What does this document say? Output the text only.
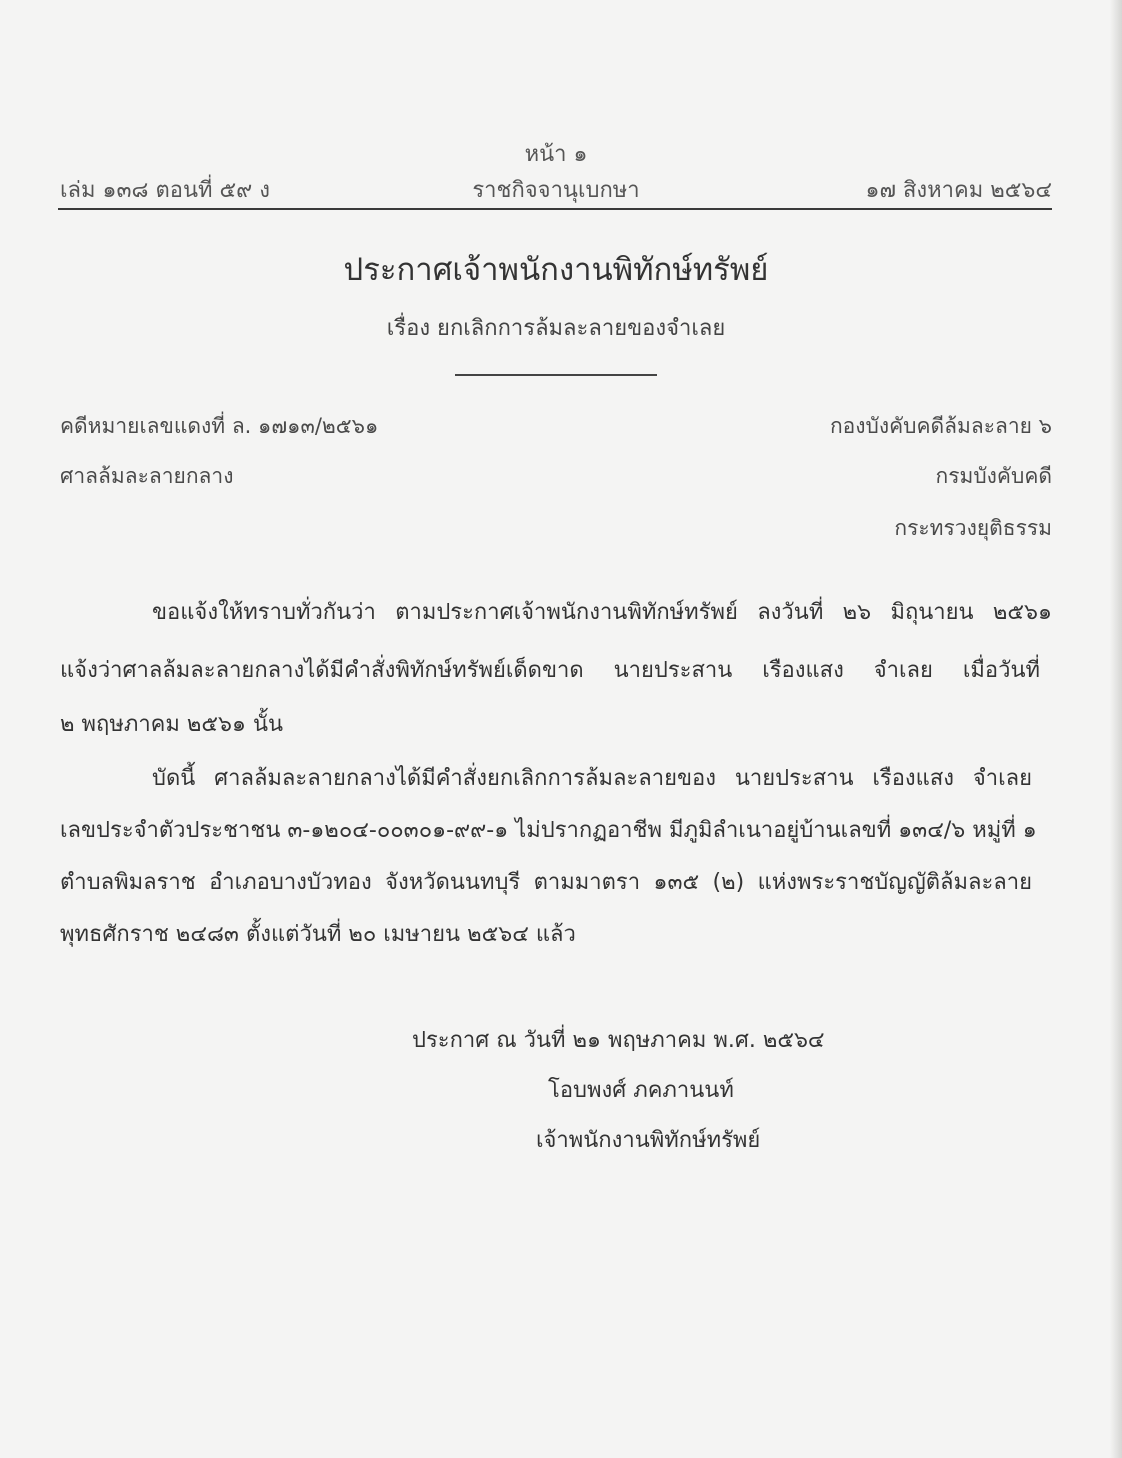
หน้า ๑
เล่ม ๑๓๘ ตอนที่ ๕๙ ง	ราชกิจจานุเบกษา	๑๗ สิงหาคม ๒๕๖๔
ประกาศเจ้าพนักงานพิทักษ์ทรัพย์
เรื่อง ยกเลิกการล้มละลายของจำเลย
คดีหมายเลขแดงที่ ล. ๑๗๑๓/๒๕๖๑
ศาลล้มละลายกลาง
กองบังคับคดีล้มละลาย ๖
กรมบังคับคดี
กระทรวงยุติธรรม
ขอแจ้งให้ทราบทั่วกันว่า ตามประกาศเจ้าพนักงานพิทักษ์ทรัพย์ ลงวันที่ ๒๖ มิถุนายน ๒๕๖๑
แจ้งว่าศาลล้มละลายกลางได้มีคำสั่งพิทักษ์ทรัพย์เด็ดขาด นายประสาน เรืองแสง จำเลย เมื่อวันที่
๒ พฤษภาคม ๒๕๖๑ นั้น
บัดนี้ ศาลล้มละลายกลางได้มีคำสั่งยกเลิกการล้มละลายของ นายประสาน เรืองแสง จำเลย
เลขประจำตัวประชาชน ๓-๑๒๐๔-๐๐๓๐๑-๙๙-๑ ไม่ปรากฏอาชีพ มีภูมิลำเนาอยู่บ้านเลขที่ ๑๓๔/๖ หมู่ที่ ๑
ตำบลพิมลราช อำเภอบางบัวทอง จังหวัดนนทบุรี ตามมาตรา ๑๓๕ (๒) แห่งพระราชบัญญัติล้มละลาย
พุทธศักราช ๒๔๘๓ ตั้งแต่วันที่ ๒๐ เมษายน ๒๕๖๔ แล้ว
ประกาศ ณ วันที่ ๒๑ พฤษภาคม พ.ศ. ๒๕๖๔
โอบพงศ์ ภคภานนท์
เจ้าพนักงานพิทักษ์ทรัพย์
